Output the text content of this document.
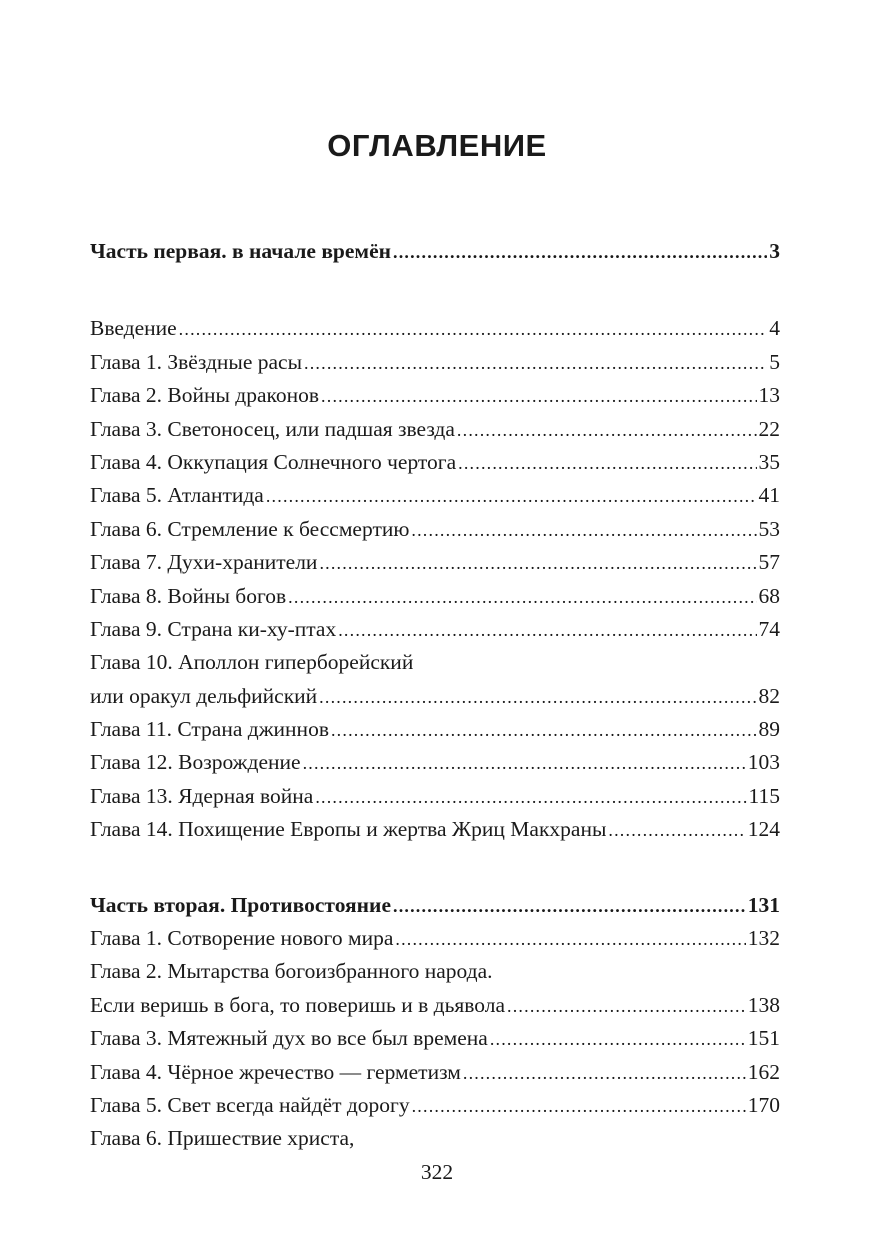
ОГЛАВЛЕНИЕ
Часть первая. в начале времён .....	3
Введение .....	4
Глава 1. Звёздные расы .....	5
Глава 2. Войны драконов .....	13
Глава 3. Светоносец, или падшая звезда .....	22
Глава 4. Оккупация Солнечного чертога .....	35
Глава 5. Атлантида .....	41
Глава 6. Стремление к бессмертию .....	53
Глава 7. Духи-хранители .....	57
Глава 8. Войны богов .....	68
Глава 9. Страна ки-ху-птах .....	74
Глава 10. Аполлон гиперборейский
или оракул дельфийский .....	82
Глава 11. Страна джиннов .....	89
Глава 12. Возрождение .....	103
Глава 13. Ядерная война .....	115
Глава 14. Похищение Европы и жертва Жриц Макхраны .....	124
Часть вторая. Противостояние .....	131
Глава 1. Сотворение нового мира .....	132
Глава 2. Мытарства богоизбранного народа.
Если веришь в бога, то поверишь и в дьявола .....	138
Глава 3. Мятежный дух во все был времена .....	151
Глава 4. Чёрное жречество — герметизм .....	162
Глава 5. Свет всегда найдёт дорогу .....	170
Глава 6. Пришествие христа,
322
